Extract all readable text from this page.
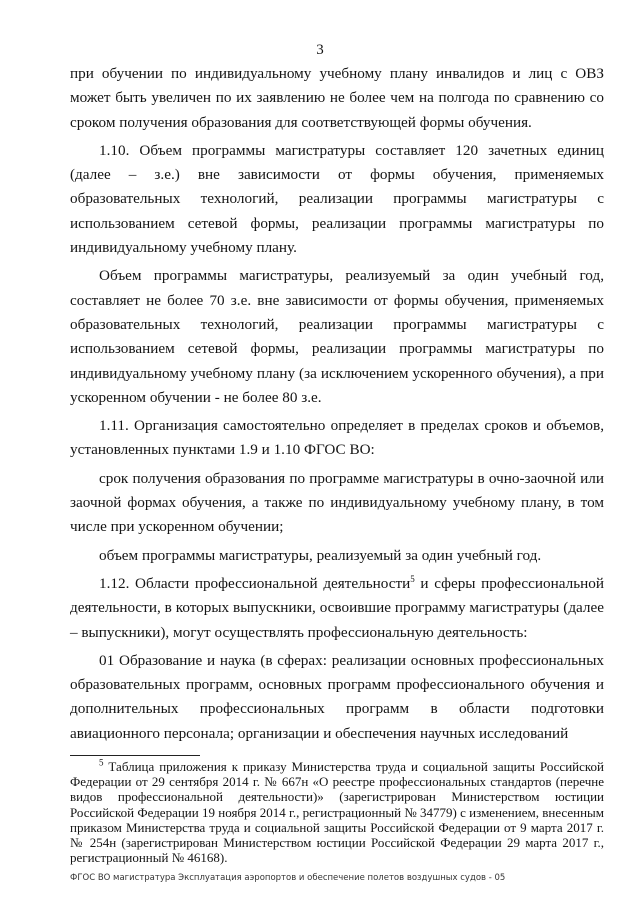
3

при обучении по индивидуальному учебному плану инвалидов и лиц с ОВЗ может быть увеличен по их заявлению не более чем на полгода по сравнению со сроком получения образования для соответствующей формы обучения.

1.10. Объем программы магистратуры составляет 120 зачетных единиц (далее – з.е.) вне зависимости от формы обучения, применяемых образовательных технологий, реализации программы магистратуры с использованием сетевой формы, реализации программы магистратуры по индивидуальному учебному плану.

Объем программы магистратуры, реализуемый за один учебный год, составляет не более 70 з.е. вне зависимости от формы обучения, применяемых образовательных технологий, реализации программы магистратуры с использованием сетевой формы, реализации программы магистратуры по индивидуальному учебному плану (за исключением ускоренного обучения), а при ускоренном обучении - не более 80 з.е.

1.11. Организация самостоятельно определяет в пределах сроков и объемов, установленных пунктами 1.9 и 1.10 ФГОС ВО:

срок получения образования по программе магистратуры в очно-заочной или заочной формах обучения, а также по индивидуальному учебному плану, в том числе при ускоренном обучении;

объем программы магистратуры, реализуемый за один учебный год.

1.12. Области профессиональной деятельности$^5$ и сферы профессиональной деятельности, в которых выпускники, освоившие программу магистратуры (далее – выпускники), могут осуществлять профессиональную деятельность:

01 Образование и наука (в сферах: реализации основных профессиональных образовательных программ, основных программ профессионального обучения и дополнительных профессиональных программ в области подготовки авиационного персонала; организации и обеспечения научных исследований

$^5$ Таблица приложения к приказу Министерства труда и социальной защиты Российской Федерации от 29 сентября 2014 г. № 667н «О реестре профессиональных стандартов (перечне видов профессиональной деятельности)» (зарегистрирован Министерством юстиции Российской Федерации 19 ноября 2014 г., регистрационный № 34779) с изменением, внесенным приказом Министерства труда и социальной защиты Российской Федерации от 9 марта 2017 г. № 254н (зарегистрирован Министерством юстиции Российской Федерации 29 марта 2017 г., регистрационный № 46168).

ФГОС ВО магистратура Эксплуатация аэропортов и обеспечение полетов воздушных судов - 05
